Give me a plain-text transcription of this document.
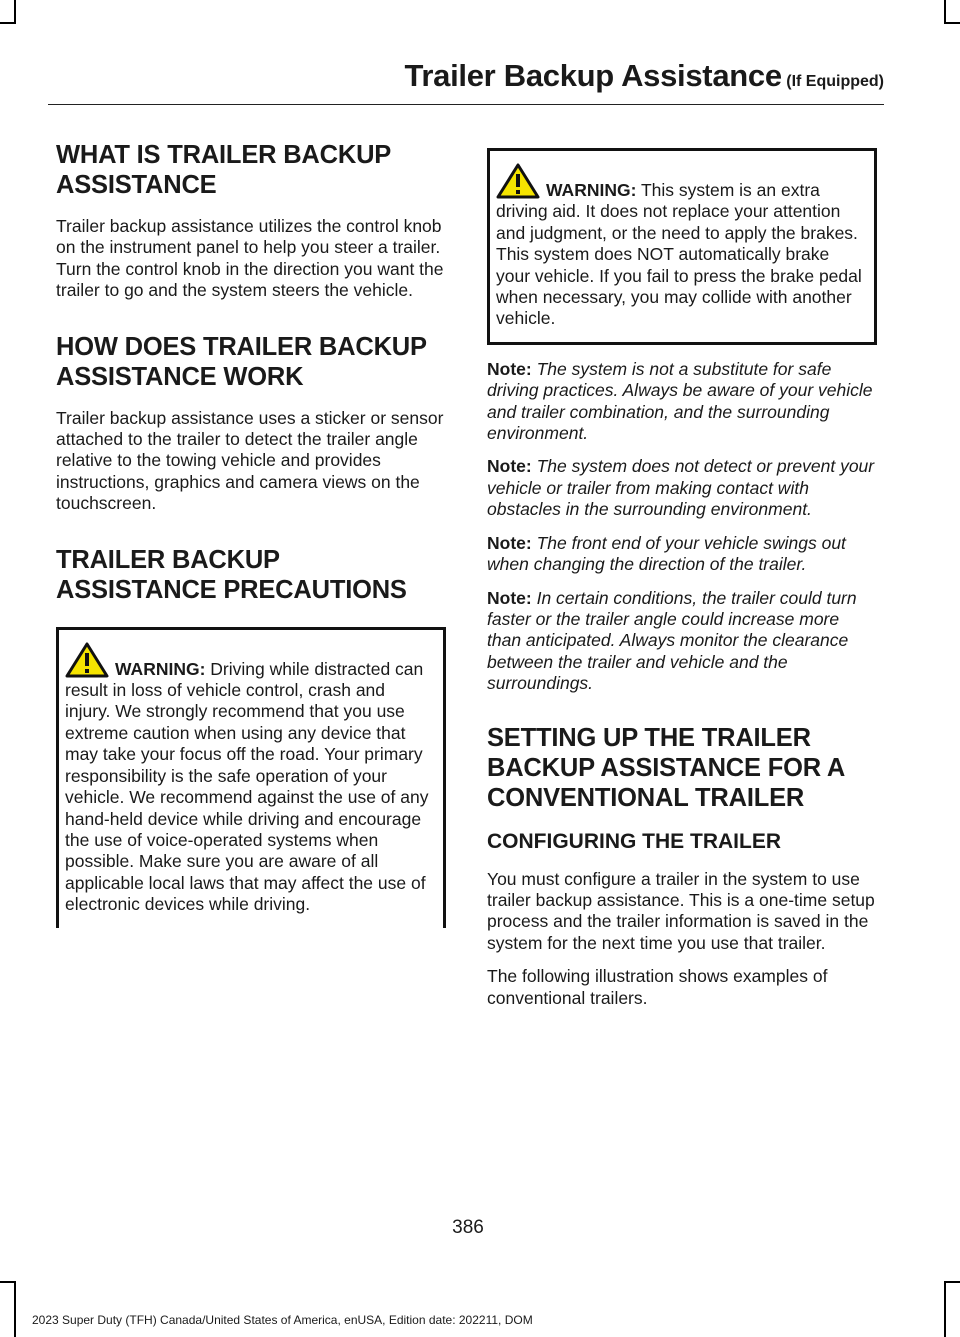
Trailer Backup Assistance (If Equipped)
WHAT IS TRAILER BACKUP
ASSISTANCE

Trailer backup assistance utilizes the control knob on the instrument panel to help you steer a trailer. Turn the control knob in the direction you want the trailer to go and the system steers the vehicle.

HOW DOES TRAILER BACKUP
ASSISTANCE WORK

Trailer backup assistance uses a sticker or sensor attached to the trailer to detect the trailer angle relative to the towing vehicle and provides instructions, graphics and camera views on the touchscreen.

TRAILER BACKUP
ASSISTANCE PRECAUTIONS

WARNING: Driving while distracted can result in loss of vehicle control, crash and injury. We strongly recommend that you use extreme caution when using any device that may take your focus off the road. Your primary responsibility is the safe operation of your vehicle. We recommend against the use of any hand-held device while driving and encourage the use of voice-operated systems when possible. Make sure you are aware of all applicable local laws that may affect the use of electronic devices while driving.

WARNING: This system is an extra driving aid. It does not replace your attention and judgment, or the need to apply the brakes. This system does NOT automatically brake your vehicle. If you fail to press the brake pedal when necessary, you may collide with another vehicle.

Note: The system is not a substitute for safe driving practices. Always be aware of your vehicle and trailer combination, and the surrounding environment.

Note: The system does not detect or prevent your vehicle or trailer from making contact with obstacles in the surrounding environment.

Note: The front end of your vehicle swings out when changing the direction of the trailer.

Note: In certain conditions, the trailer could turn faster or the trailer angle could increase more than anticipated. Always monitor the clearance between the trailer and vehicle and the surroundings.

SETTING UP THE TRAILER
BACKUP ASSISTANCE FOR A
CONVENTIONAL TRAILER
CONFIGURING THE TRAILER

You must configure a trailer in the system to use trailer backup assistance. This is a one-time setup process and the trailer information is saved in the system for the next time you use that trailer.

The following illustration shows examples of conventional trailers.

386
2023 Super Duty (TFH) Canada/United States of America, enUSA, Edition date: 202211, DOM
